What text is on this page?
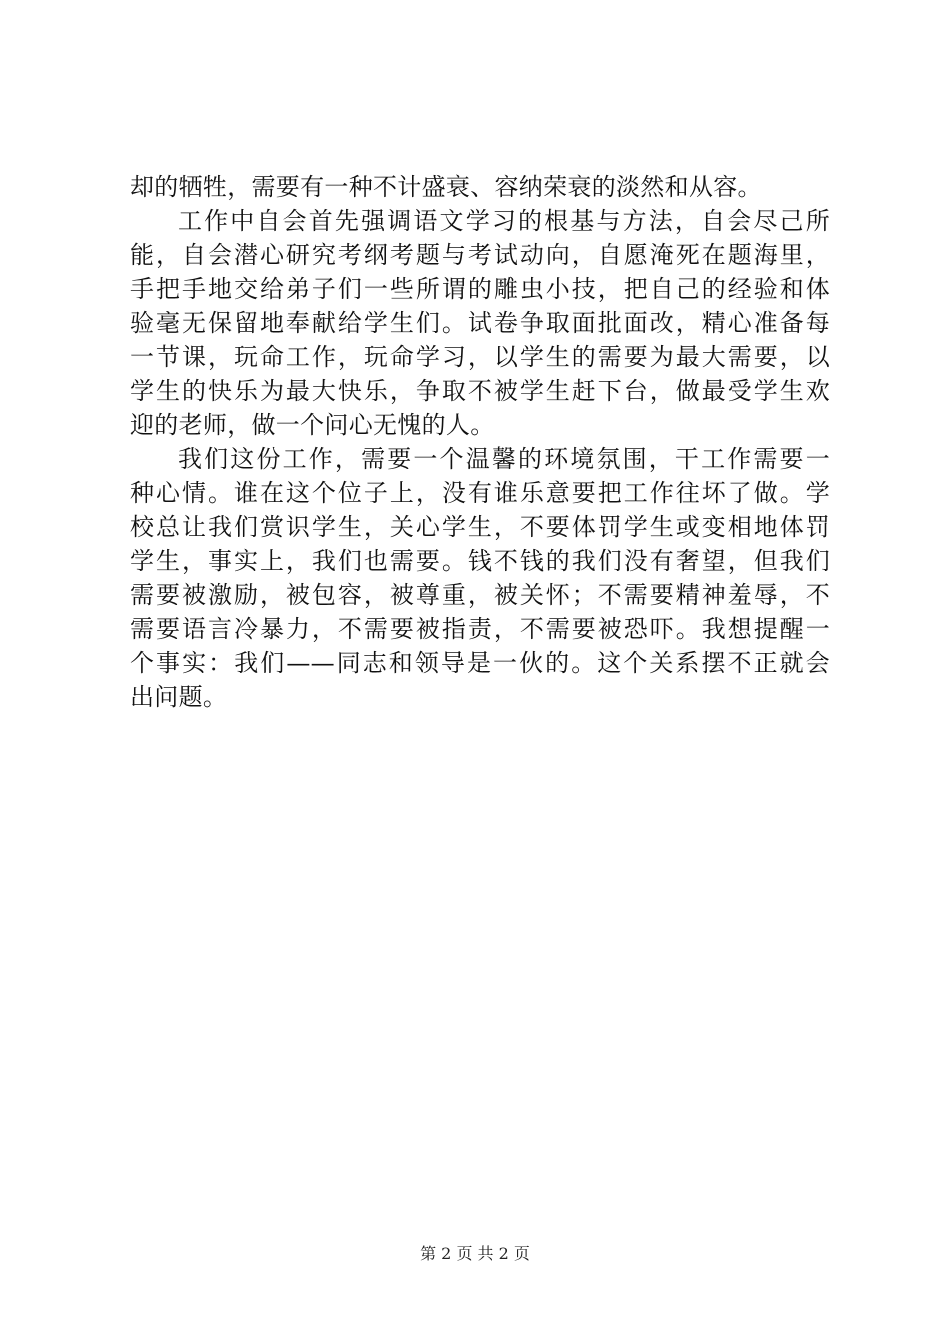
却的牺牲，需要有一种不计盛衰、容纳荣衰的淡然和从容。
工作中自会首先强调语文学习的根基与方法，自会尽己所
能，自会潜心研究考纲考题与考试动向，自愿淹死在题海里，
手把手地交给弟子们一些所谓的雕虫小技，把自己的经验和体
验毫无保留地奉献给学生们。试卷争取面批面改，精心准备每
一节课，玩命工作，玩命学习，以学生的需要为最大需要，以
学生的快乐为最大快乐，争取不被学生赶下台，做最受学生欢
迎的老师，做一个问心无愧的人。
我们这份工作，需要一个温馨的环境氛围，干工作需要一
种心情。谁在这个位子上，没有谁乐意要把工作往坏了做。学
校总让我们赏识学生，关心学生，不要体罚学生或变相地体罚
学生，事实上，我们也需要。钱不钱的我们没有奢望，但我们
需要被激励，被包容，被尊重，被关怀；不需要精神羞辱，不
需要语言冷暴力，不需要被指责，不需要被恐吓。我想提醒一
个事实：我们——同志和领导是一伙的。这个关系摆不正就会
出问题。
第 2 页 共 2 页
